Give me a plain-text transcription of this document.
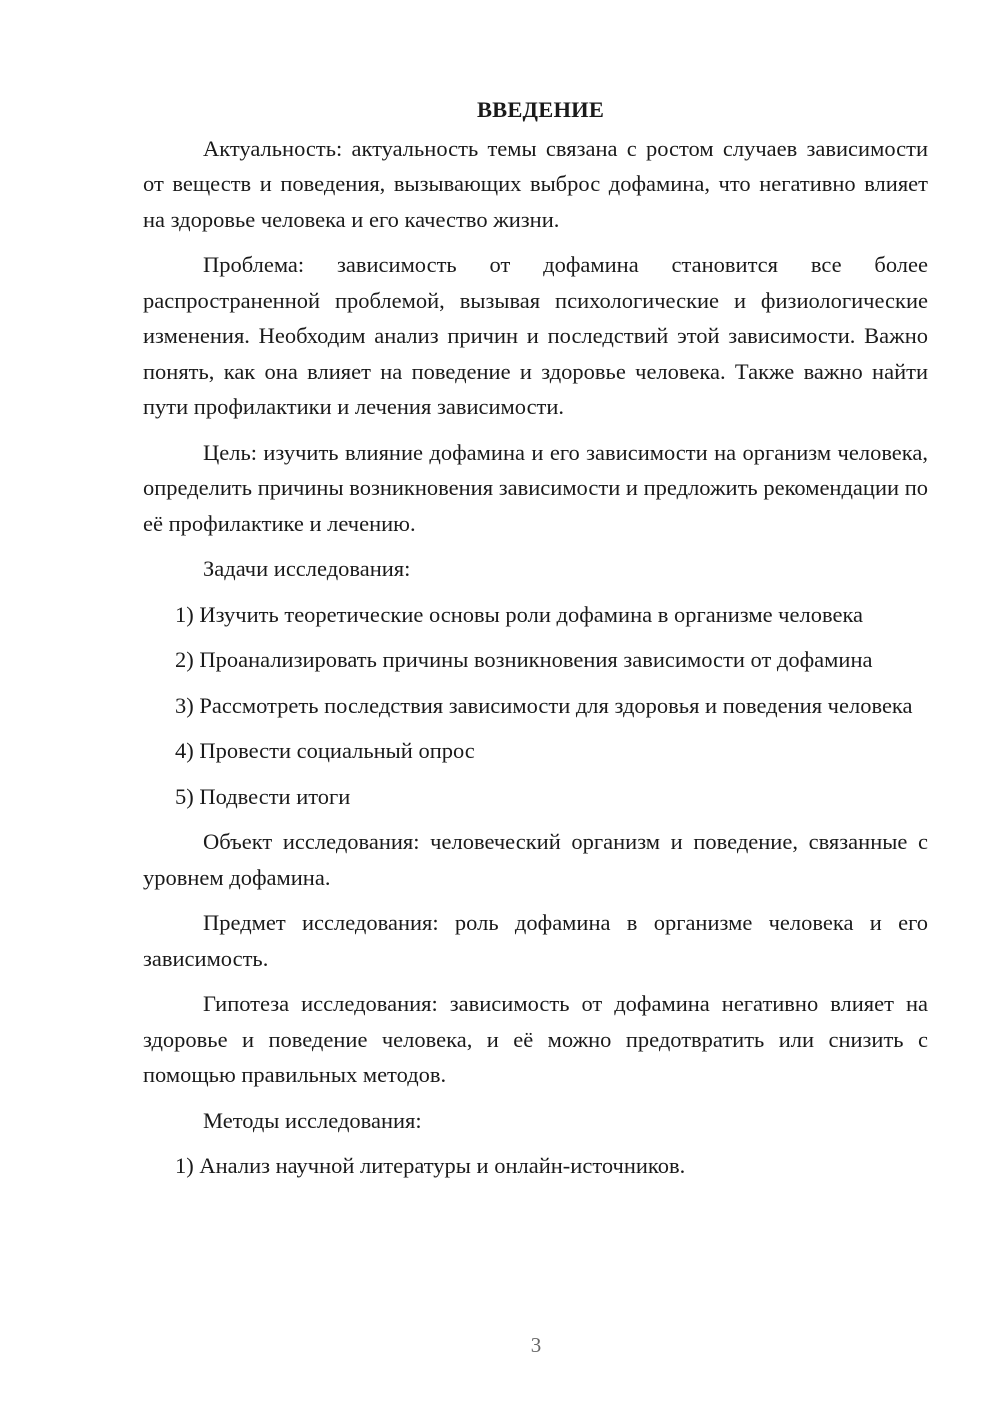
ВВЕДЕНИЕ

Актуальность: актуальность темы связана с ростом случаев зависимости от веществ и поведения, вызывающих выброс дофамина, что негативно влияет на здоровье человека и его качество жизни.

Проблема: зависимость от дофамина становится все более распространенной проблемой, вызывая психологические и физиологические изменения. Необходим анализ причин и последствий этой зависимости. Важно понять, как она влияет на поведение и здоровье человека. Также важно найти пути профилактики и лечения зависимости.

Цель: изучить влияние дофамина и его зависимости на организм человека, определить причины возникновения зависимости и предложить рекомендации по её профилактике и лечению.

Задачи исследования:

1) Изучить теоретические основы роли дофамина в организме человека

2) Проанализировать причины возникновения зависимости от дофамина

3) Рассмотреть последствия зависимости для здоровья и поведения человека

4) Провести социальный опрос

5) Подвести итоги

Объект исследования: человеческий организм и поведение, связанные с уровнем дофамина.

Предмет исследования: роль дофамина в организме человека и его зависимость.

Гипотеза исследования: зависимость от дофамина негативно влияет на здоровье и поведение человека, и её можно предотвратить или снизить с помощью правильных методов.

Методы исследования:

1) Анализ научной литературы и онлайн-источников.

3
